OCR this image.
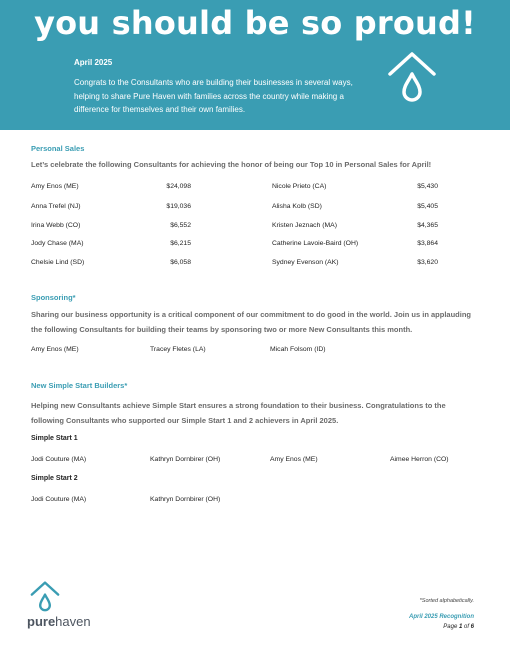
you should be so proud!
April 2025
Congrats to the Consultants who are building their businesses in several ways, helping to share Pure Haven with families across the country while making a difference for themselves and their own families.
Personal Sales
Let’s celebrate the following Consultants for achieving the honor of being our Top 10 in Personal Sales for April!
Amy Enos (ME)	$24,098
Anna Trefel (NJ)	$19,036
Irina Webb (CO)	$6,552
Jody Chase (MA)	$6,215
Chelsie Lind (SD)	$6,058
Nicole Prieto (CA)	$5,430
Alisha Kolb (SD)	$5,405
Kristen Jeznach (MA)	$4,365
Catherine Lavoie-Baird (OH)	$3,864
Sydney Evenson (AK)	$3,620
Sponsoring*
Sharing our business opportunity is a critical component of our commitment to do good in the world. Join us in applauding the following Consultants for building their teams by sponsoring two or more New Consultants this month.
Amy Enos (ME)	Tracey Fletes (LA)	Micah Folsom (ID)
New Simple Start Builders*
Helping new Consultants achieve Simple Start ensures a strong foundation to their business. Congratulations to the following Consultants who supported our Simple Start 1 and 2 achievers in April 2025.
Simple Start 1
Jodi Couture (MA)	Kathryn Dornbirer (OH)	Amy Enos (ME)	Aimee Herron (CO)
Simple Start 2
Jodi Couture (MA)	Kathryn Dornbirer (OH)
purehaven
*Sorted alphabetically.
April 2025 Recognition
Page 1 of 6
